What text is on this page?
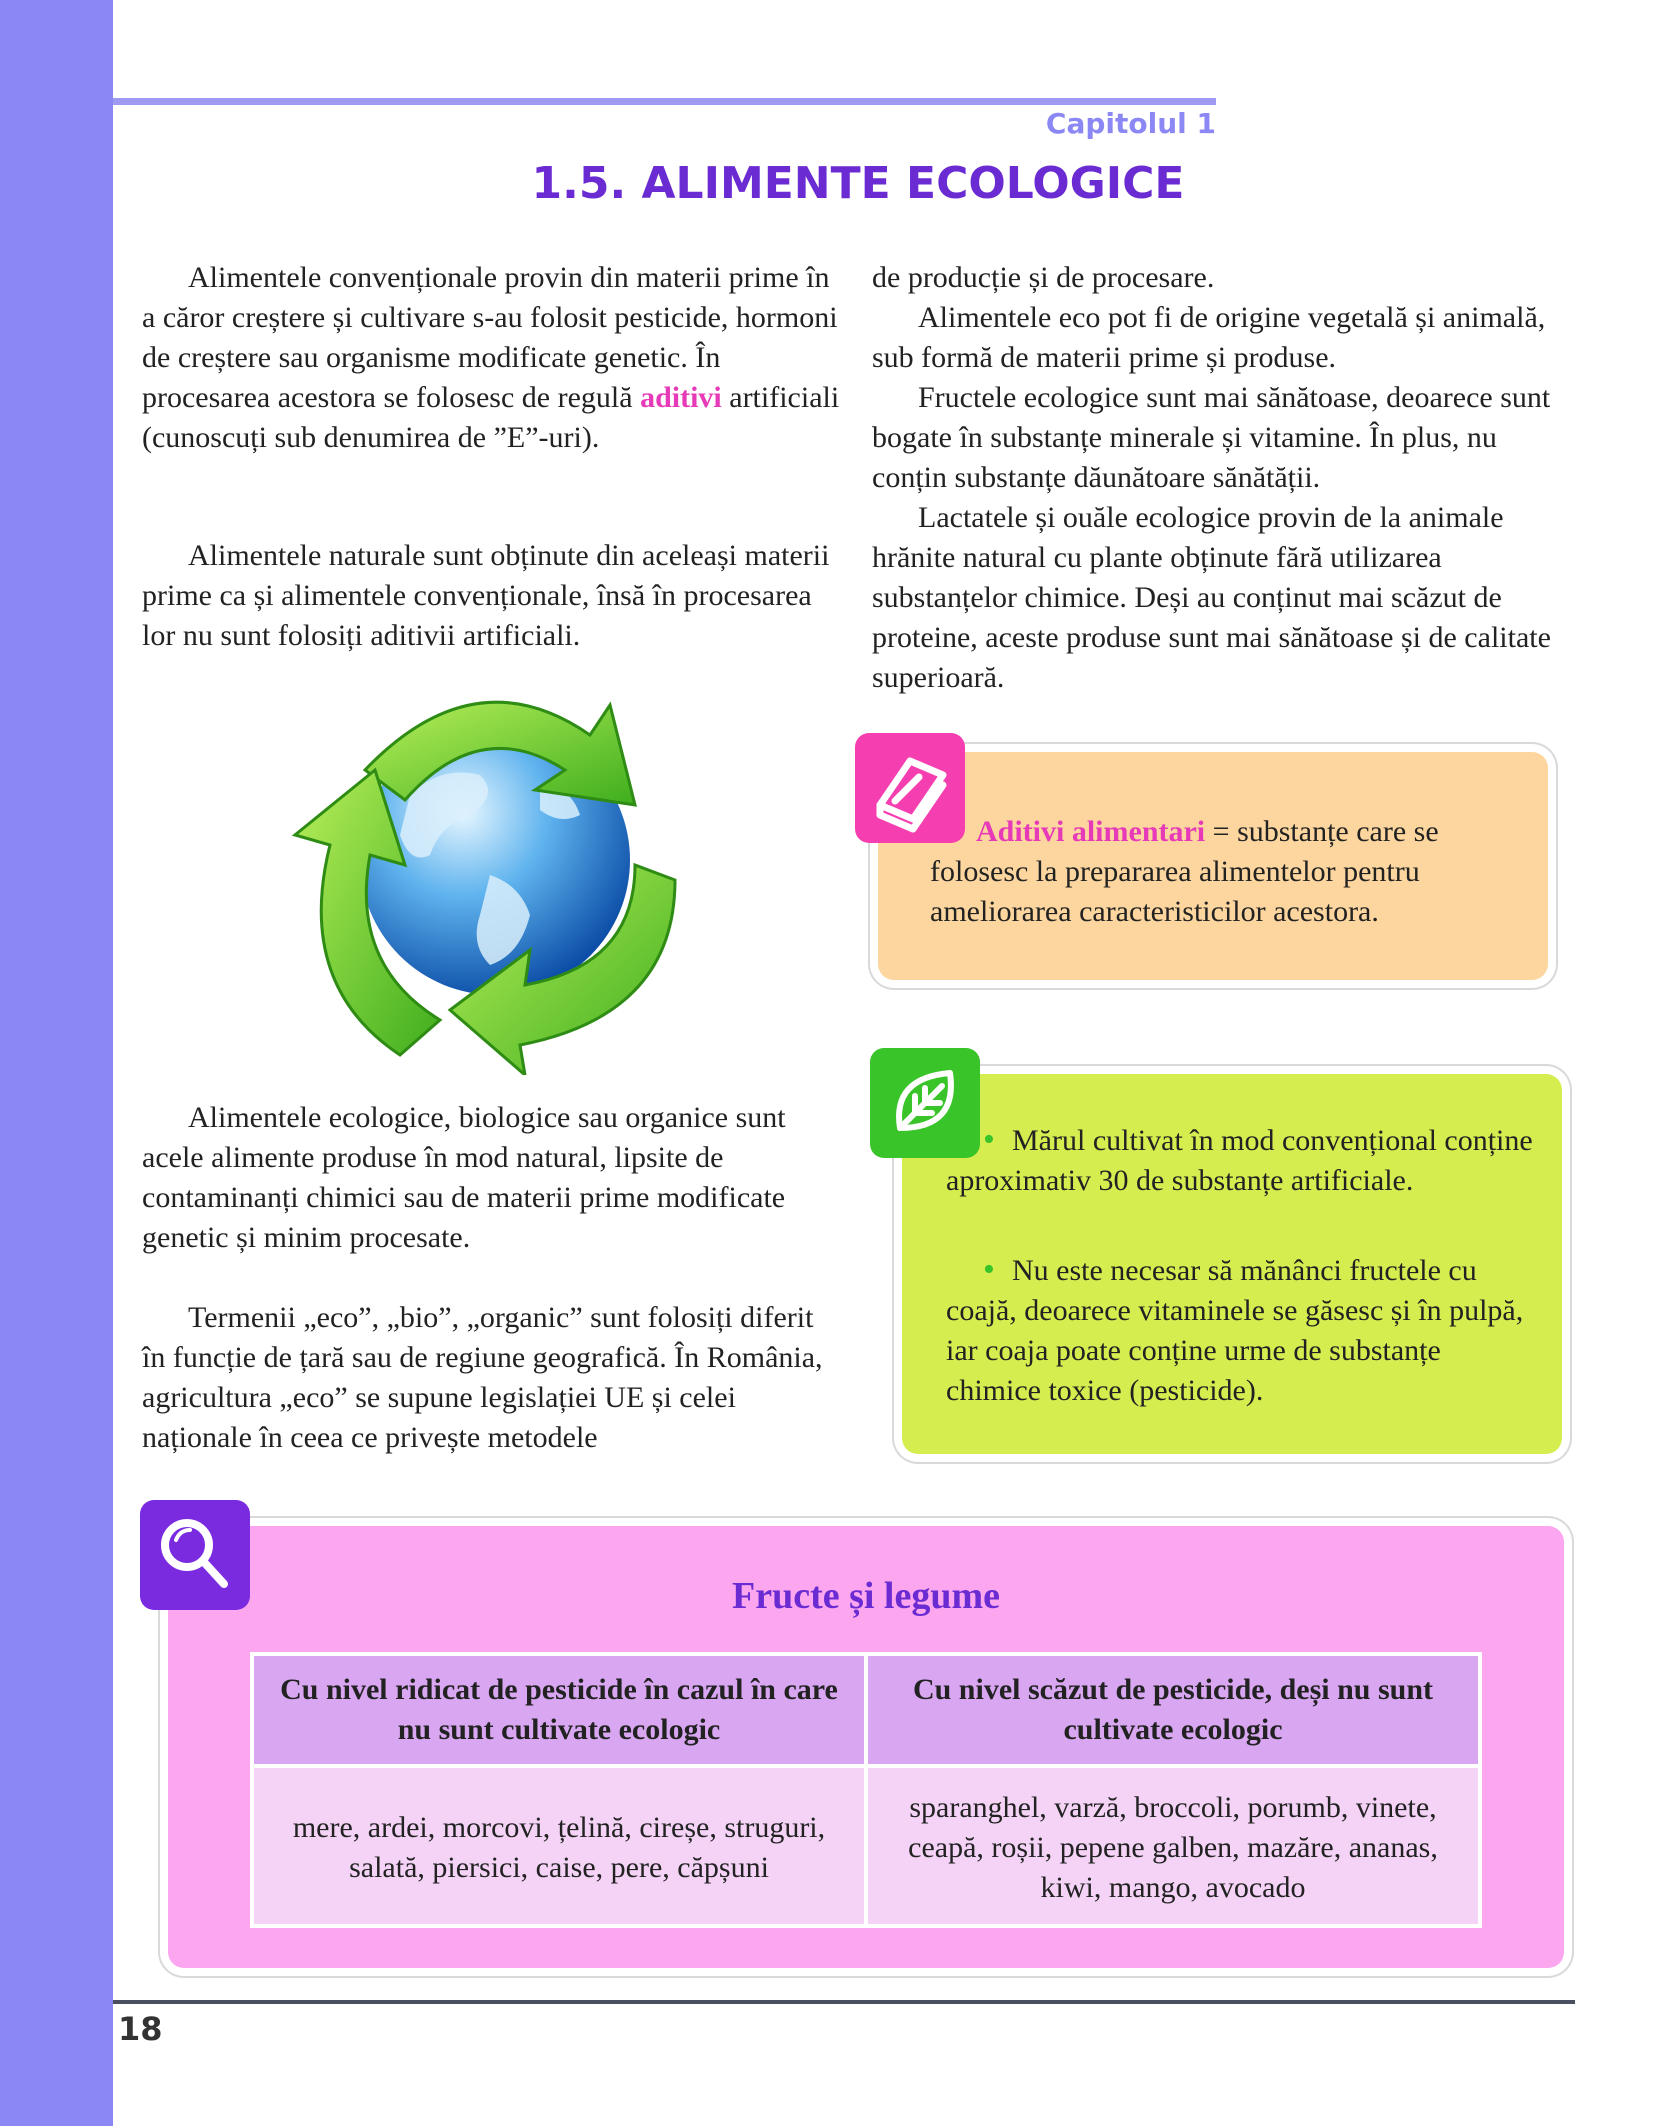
Capitolul 1
1.5. ALIMENTE ECOLOGICE

Alimentele convenționale provin din materii prime în a căror creștere și cultivare s-au folosit pesticide, hormoni de creștere sau organisme modificate genetic. În procesarea acestora se folosesc de regulă aditivi artificiali (cunoscuți sub denumirea de ”E”-uri).

Alimentele naturale sunt obținute din aceleași materii prime ca și alimentele convenționale, însă în procesarea lor nu sunt folosiți aditivii artificiali.

de producție și de procesare.

Alimentele eco pot fi de origine vegetală și animală, sub formă de materii prime și produse.

Fructele ecologice sunt mai sănătoase, deoarece sunt bogate în substanțe minerale și vitamine. În plus, nu conțin substanțe dăunătoare sănătății.

Lactatele și ouăle ecologice provin de la animale hrănite natural cu plante obținute fără utilizarea substanțelor chimice. Deși au conținut mai scăzut de proteine, aceste produse sunt mai sănătoase și de calitate superioară.

Aditivi alimentari = substanțe care se folosesc la prepararea alimentelor pentru ameliorarea caracteristicilor acestora.

Alimentele ecologice, biologice sau organice sunt acele alimente produse în mod natural, lipsite de contaminanți chimici sau de materii prime modificate genetic și minim procesate.

Termenii „eco”, „bio”, „organic” sunt folosiți diferit în funcție de țară sau de regiune geografică. În România, agricultura „eco” se supune legislației UE și celei naționale în ceea ce privește metodele

• Mărul cultivat în mod convențional conține aproximativ 30 de substanțe artificiale.

• Nu este necesar să mănânci fructele cu coajă, deoarece vitaminele se găsesc și în pulpă, iar coaja poate conține urme de substanțe chimice toxice (pesticide).

Fructe și legume
Cu nivel ridicat de pesticide în cazul în care nu sunt cultivate ecologic	Cu nivel scăzut de pesticide, deși nu sunt cultivate ecologic
mere, ardei, morcovi, țelină, cireșe, struguri, salată, piersici, caise, pere, căpșuni	sparanghel, varză, broccoli, porumb, vinete, ceapă, roșii, pepene galben, mazăre, ananas, kiwi, mango, avocado
18
